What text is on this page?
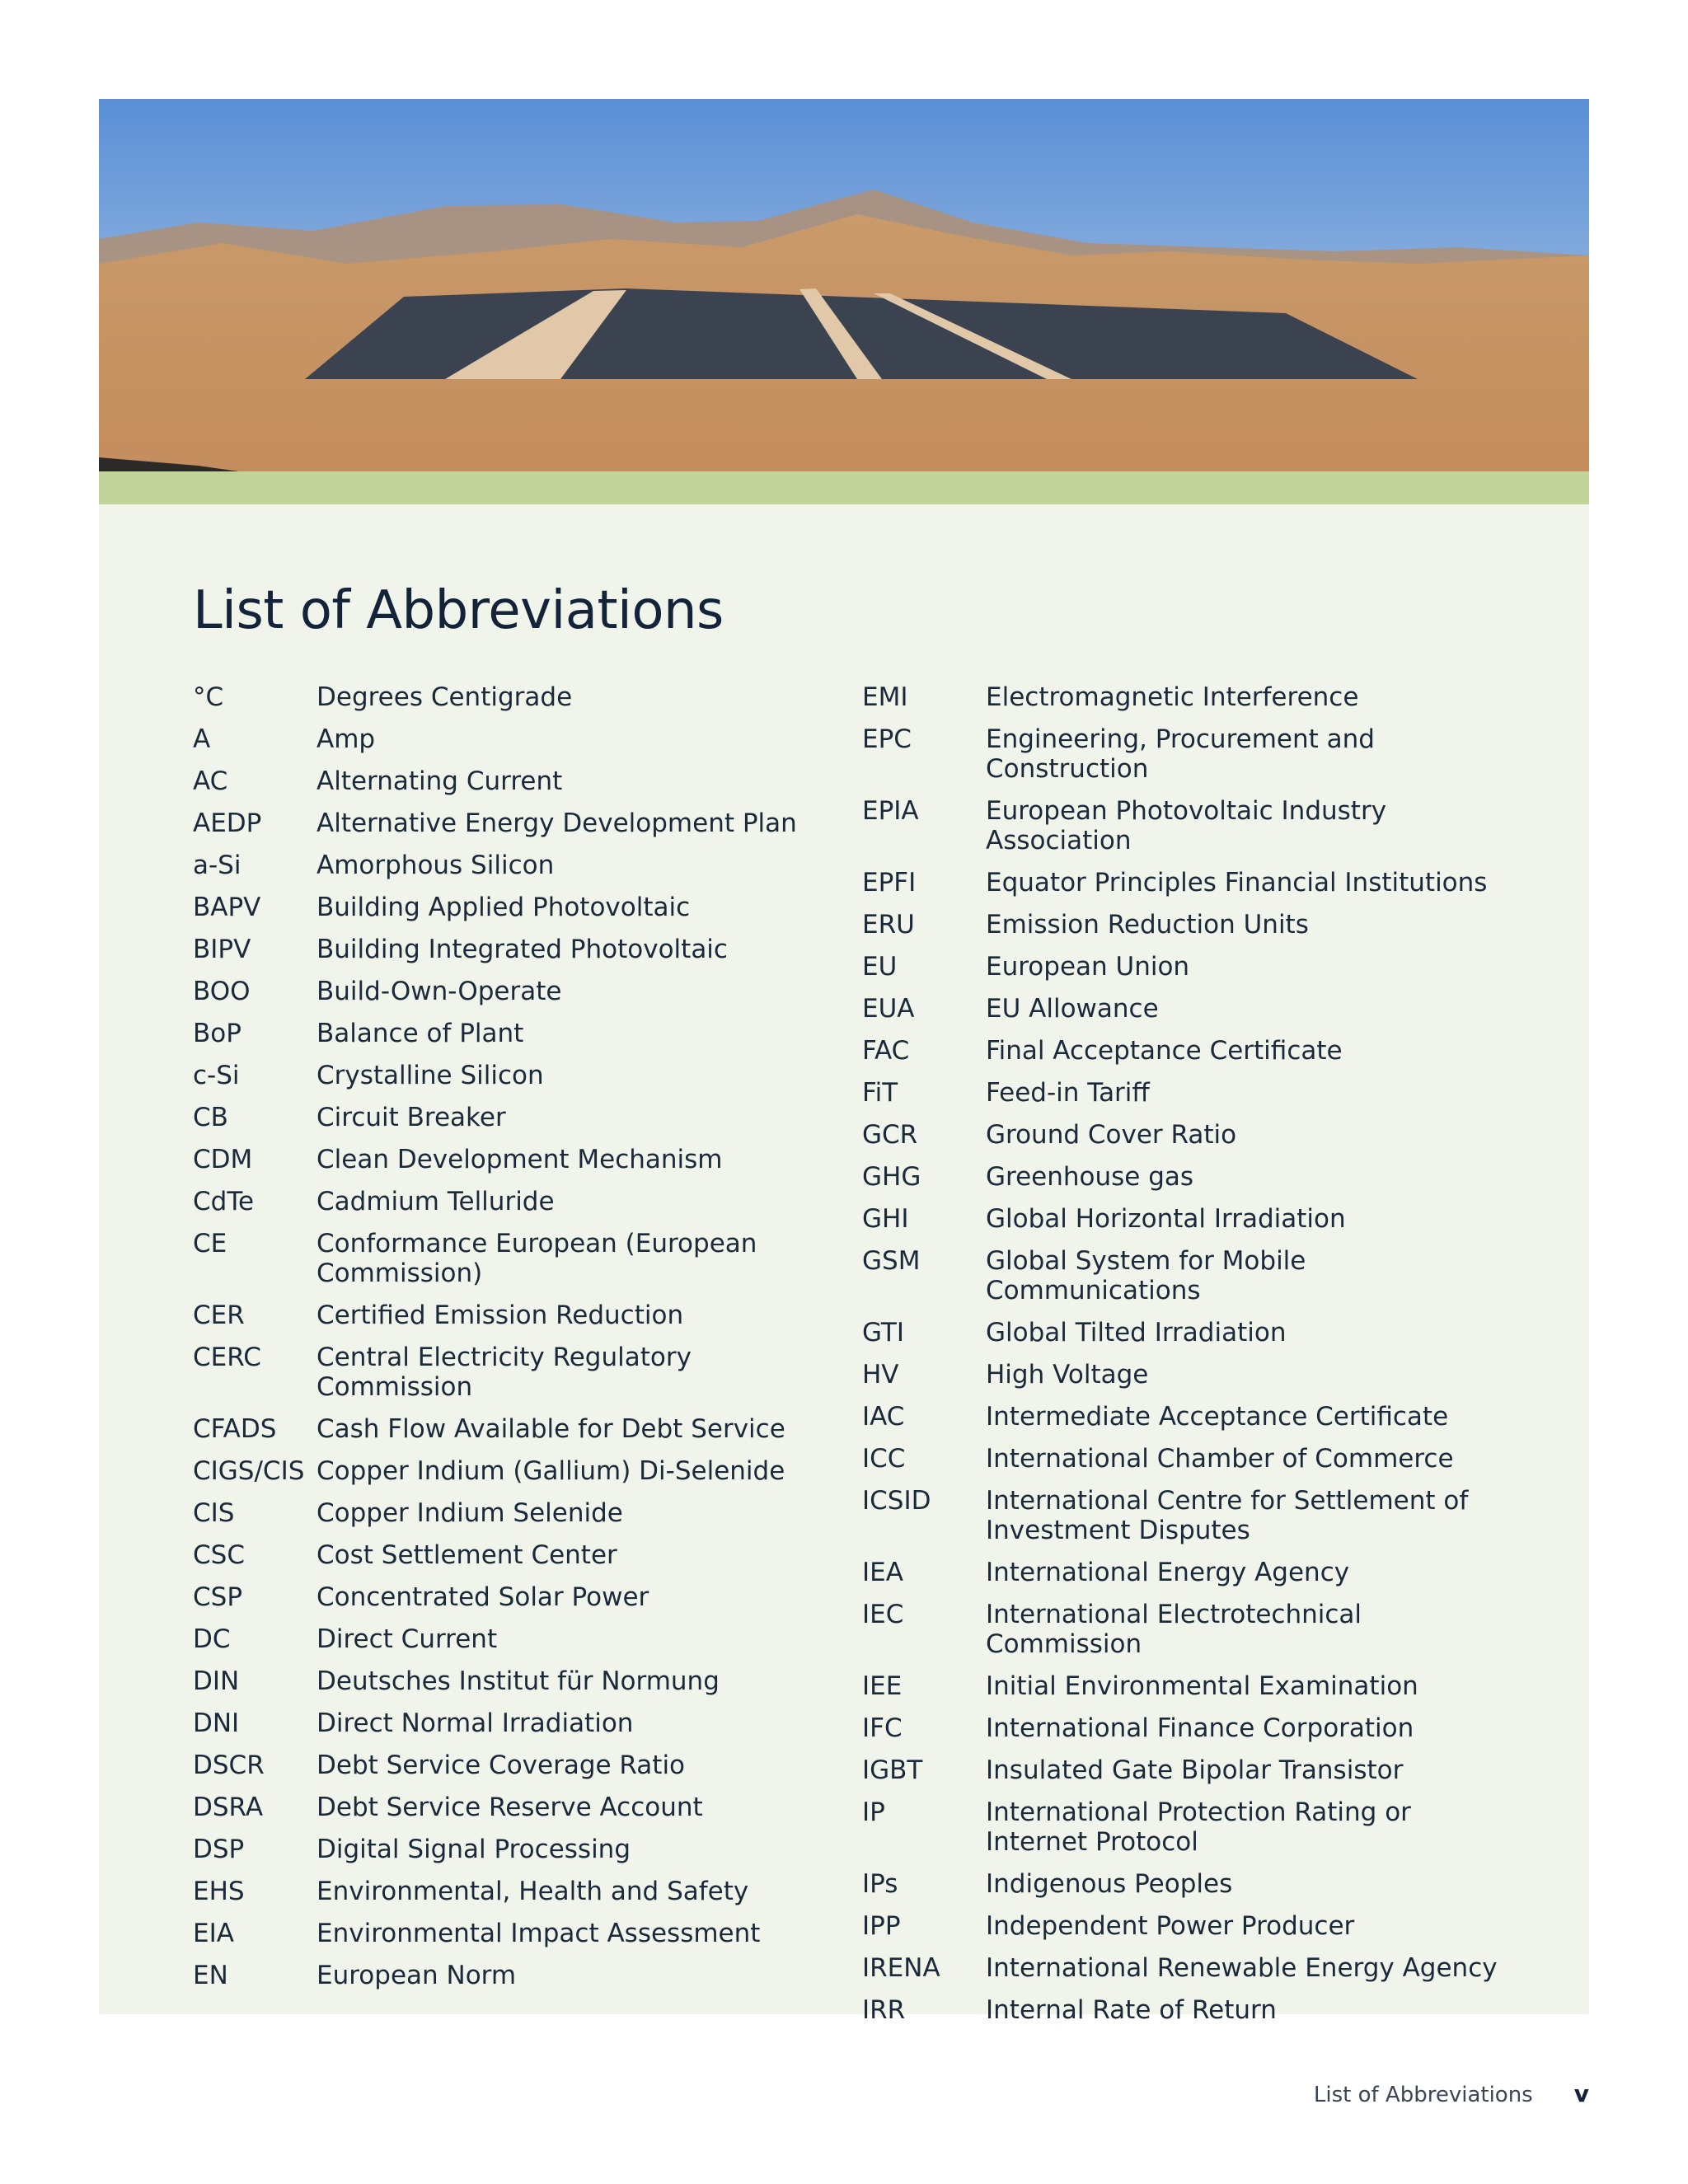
List of Abbreviations
°C	Degrees Centigrade
A	Amp
AC	Alternating Current
AEDP	Alternative Energy Development Plan
a-Si	Amorphous Silicon
BAPV	Building Applied Photovoltaic
BIPV	Building Integrated Photovoltaic
BOO	Build-Own-Operate
BoP	Balance of Plant
c-Si	Crystalline Silicon
CB	Circuit Breaker
CDM	Clean Development Mechanism
CdTe	Cadmium Telluride
CE	Conformance European (European Commission)
CER	Certified Emission Reduction
CERC	Central Electricity Regulatory Commission
CFADS	Cash Flow Available for Debt Service
CIGS/CIS Copper Indium (Gallium) Di-Selenide
CIS	Copper Indium Selenide
CSC	Cost Settlement Center
CSP	Concentrated Solar Power
DC	Direct Current
DIN	Deutsches Institut für Normung
DNI	Direct Normal Irradiation
DSCR	Debt Service Coverage Ratio
DSRA	Debt Service Reserve Account
DSP	Digital Signal Processing
EHS	Environmental, Health and Safety
EIA	Environmental Impact Assessment
EN	European Norm
EMI	Electromagnetic Interference
EPC	Engineering, Procurement and Construction
EPIA	European Photovoltaic Industry Association
EPFI	Equator Principles Financial Institutions
ERU	Emission Reduction Units
EU	European Union
EUA	EU Allowance
FAC	Final Acceptance Certificate
FiT	Feed-in Tariff
GCR	Ground Cover Ratio
GHG	Greenhouse gas
GHI	Global Horizontal Irradiation
GSM	Global System for Mobile Communications
GTI	Global Tilted Irradiation
HV	High Voltage
IAC	Intermediate Acceptance Certificate
ICC	International Chamber of Commerce
ICSID	International Centre for Settlement of Investment Disputes
IEA	International Energy Agency
IEC	International Electrotechnical Commission
IEE	Initial Environmental Examination
IFC	International Finance Corporation
IGBT	Insulated Gate Bipolar Transistor
IP	International Protection Rating or Internet Protocol
IPs	Indigenous Peoples
IPP	Independent Power Producer
IRENA	International Renewable Energy Agency
IRR	Internal Rate of Return
List of Abbreviations v
